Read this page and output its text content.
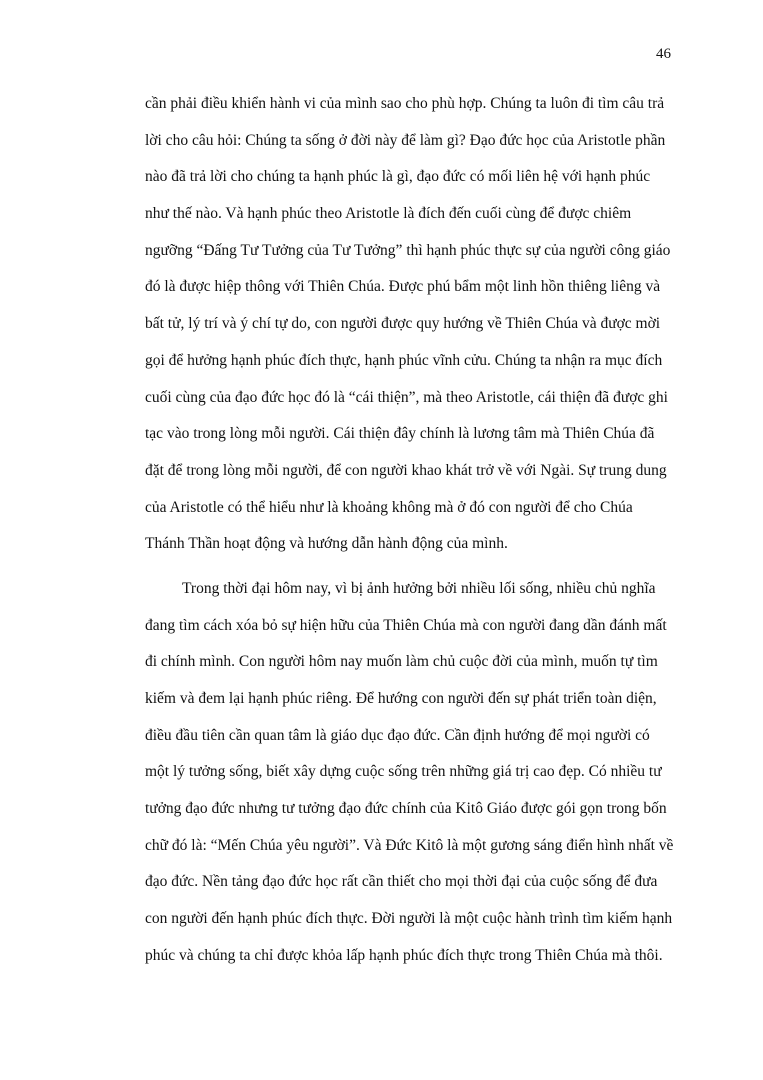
46
cần phải điều khiển hành vi của mình sao cho phù hợp. Chúng ta luôn đi tìm câu trả
lời cho câu hỏi: Chúng ta sống ở đời này để làm gì? Đạo đức học của Aristotle phần
nào đã trả lời cho chúng ta hạnh phúc là gì, đạo đức có mối liên hệ với hạnh phúc
như thế nào. Và hạnh phúc theo Aristotle là đích đến cuối cùng để được chiêm
ngưỡng “Đấng Tư Tưởng của Tư Tưởng” thì hạnh phúc thực sự của người công giáo
đó là được hiệp thông với Thiên Chúa. Được phú bẩm một linh hồn thiêng liêng và
bất tử, lý trí và ý chí tự do, con người được quy hướng về Thiên Chúa và được mời
gọi để hưởng hạnh phúc đích thực, hạnh phúc vĩnh cửu. Chúng ta nhận ra mục đích
cuối cùng của đạo đức học đó là “cái thiện”, mà theo Aristotle, cái thiện đã được ghi
tạc vào trong lòng mỗi người. Cái thiện đây chính là lương tâm mà Thiên Chúa đã
đặt để trong lòng mỗi người, để con người khao khát trở về với Ngài. Sự trung dung
của Aristotle có thể hiểu như là khoảng không mà ở đó con người để cho Chúa
Thánh Thần hoạt động và hướng dẫn hành động của mình.
Trong thời đại hôm nay, vì bị ảnh hưởng bởi nhiều lối sống, nhiều chủ nghĩa
đang tìm cách xóa bỏ sự hiện hữu của Thiên Chúa mà con người đang dần đánh mất
đi chính mình. Con người hôm nay muốn làm chủ cuộc đời của mình, muốn tự tìm
kiếm và đem lại hạnh phúc riêng. Để hướng con người đến sự phát triển toàn diện,
điều đầu tiên cần quan tâm là giáo dục đạo đức. Cần định hướng để mọi người có
một lý tưởng sống, biết xây dựng cuộc sống trên những giá trị cao đẹp. Có nhiều tư
tưởng đạo đức nhưng tư tưởng đạo đức chính của Kitô Giáo được gói gọn trong bốn
chữ đó là: “Mến Chúa yêu người”. Và Đức Kitô là một gương sáng điển hình nhất về
đạo đức. Nền tảng đạo đức học rất cần thiết cho mọi thời đại của cuộc sống để đưa
con người đến hạnh phúc đích thực. Đời người là một cuộc hành trình tìm kiếm hạnh
phúc và chúng ta chỉ được khỏa lấp hạnh phúc đích thực trong Thiên Chúa mà thôi.
